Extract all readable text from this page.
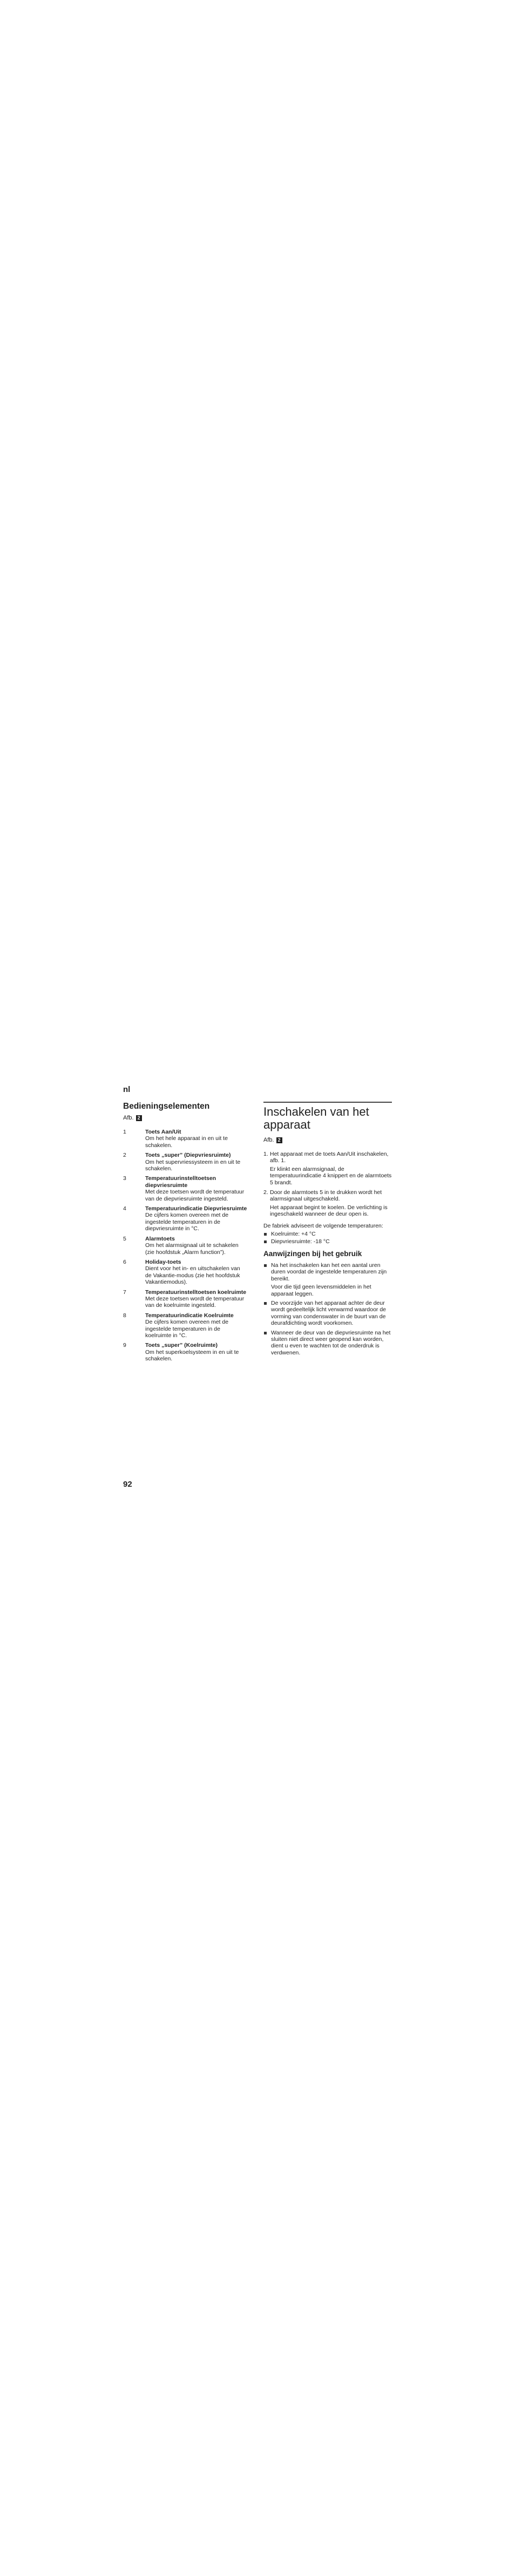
nl
Bedieningselementen
Afb. 2
1	Toets Aan/Uit
Om het hele apparaat in en uit te schakelen.
2	Toets „super” (Diepvriesruimte)
Om het supervriessysteem in en uit te schakelen.
3	Temperatuurinstelltoetsen diepvriesruimte
Met deze toetsen wordt de temperatuur van de diepvriesruimte ingesteld.
4	Temperatuurindicatie Diepvriesruimte
De cijfers komen overeen met de ingestelde temperaturen in de diepvriesruimte in °C.
5	Alarmtoets
Om het alarmsignaal uit te schakelen (zie hoofdstuk „Alarm function”).
6	Holiday-toets
Dient voor het in- en uitschakelen van de Vakantie-modus (zie het hoofdstuk Vakantiemodus).
7	Temperatuurinstelltoetsen koelruimte
Met deze toetsen wordt de temperatuur van de koelruimte ingesteld.
8	Temperatuurindicatie Koelruimte
De cijfers komen overeen met de ingestelde temperaturen in de koelruimte in °C.
9	Toets „super” (Koelruimte)
Om het superkoelsysteem in en uit te schakelen.
Inschakelen van het apparaat
Afb. 2
1. Het apparaat met de toets Aan/Uit inschakelen, afb. 1.

Er klinkt een alarmsignaal, de temperatuurindicatie 4 knippert en de alarmtoets 5 brandt.

2. Door de alarmtoets 5 in te drukken wordt het alarmsignaal uitgeschakeld.

Het apparaat begint te koelen. De verlichting is ingeschakeld wanneer de deur open is.

De fabriek adviseert de volgende temperaturen:

Koelruimte: +4 °C
Diepvriesruimte: -18 °C
Aanwijzingen bij het gebruik

Na het inschakelen kan het een aantal uren duren voordat de ingestelde temperaturen zijn bereikt.

Voor die tijd geen levensmiddelen in het apparaat leggen.

De voorzijde van het apparaat achter de deur wordt gedeeltelijk licht verwarmd waardoor de vorming van condenswater in de buurt van de deurafdichting wordt voorkomen.

Wanneer de deur van de diepvriesruimte na het sluiten niet direct weer geopend kan worden, dient u even te wachten tot de onderdruk is verdwenen.

92
